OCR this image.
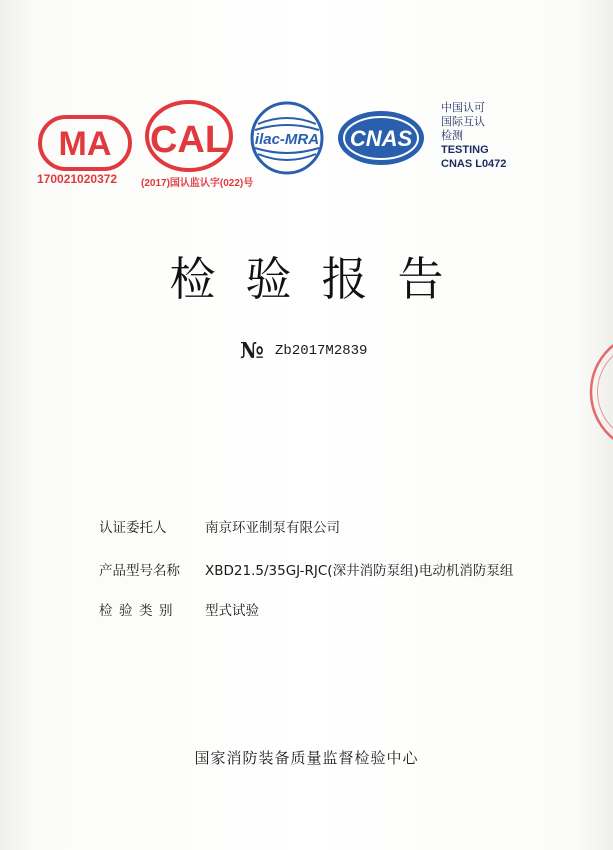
MA
170021020372
CAL
(2017)国认监认字(022)号
ilac-MRA CNAS
中国认可
国际互认
检测
TESTING
CNAS L0472
检验报告
№ Zb2017M2839
认证委托人	南京环亚制泵有限公司
产品型号名称	XBD21.5/35GJ-RJC(深井消防泵组)电动机消防泵组
检验类别	型式试验
国家消防装备质量监督检验中心
